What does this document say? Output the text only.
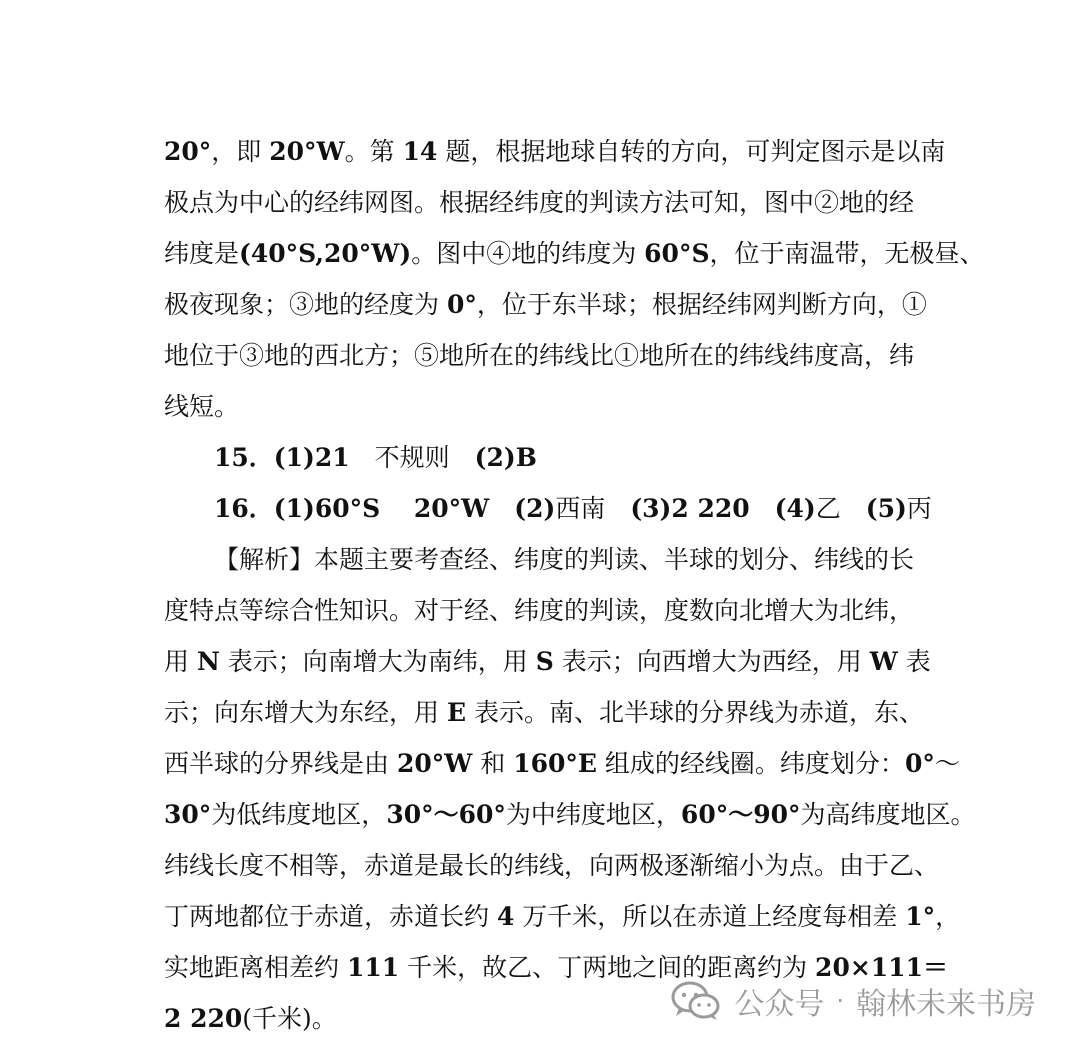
20°，即 20°W。第 14 题，根据地球自转的方向，可判定图示是以南
极点为中心的经纬网图。根据经纬度的判读方法可知，图中②地的经
纬度是(40°S,20°W)。图中④地的纬度为 60°S，位于南温带，无极昼、
极夜现象；③地的经度为 0°，位于东半球；根据经纬网判断方向，①
地位于③地的西北方；⑤地所在的纬线比①地所在的纬线纬度高，纬
线短。
15．(1)21　不规则　(2)B
16．(1)60°S　 20°W　(2)西南　(3)2 220　(4)乙　(5)丙
【解析】本题主要考查经、纬度的判读、半球的划分、纬线的长
度特点等综合性知识。对于经、纬度的判读，度数向北增大为北纬，
用 N 表示；向南增大为南纬，用 S 表示；向西增大为西经，用 W 表
示；向东增大为东经，用 E 表示。南、北半球的分界线为赤道，东、
西半球的分界线是由 20°W 和 160°E 组成的经线圈。纬度划分：0°～
30°为低纬度地区，30°～60°为中纬度地区，60°～90°为高纬度地区。
纬线长度不相等，赤道是最长的纬线，向两极逐渐缩小为点。由于乙、
丁两地都位于赤道，赤道长约 4 万千米，所以在赤道上经度每相差 1°，
实地距离相差约 111 千米，故乙、丁两地之间的距离约为 20×111＝
2 220(千米)。	公众号 · 翰林未来书房
